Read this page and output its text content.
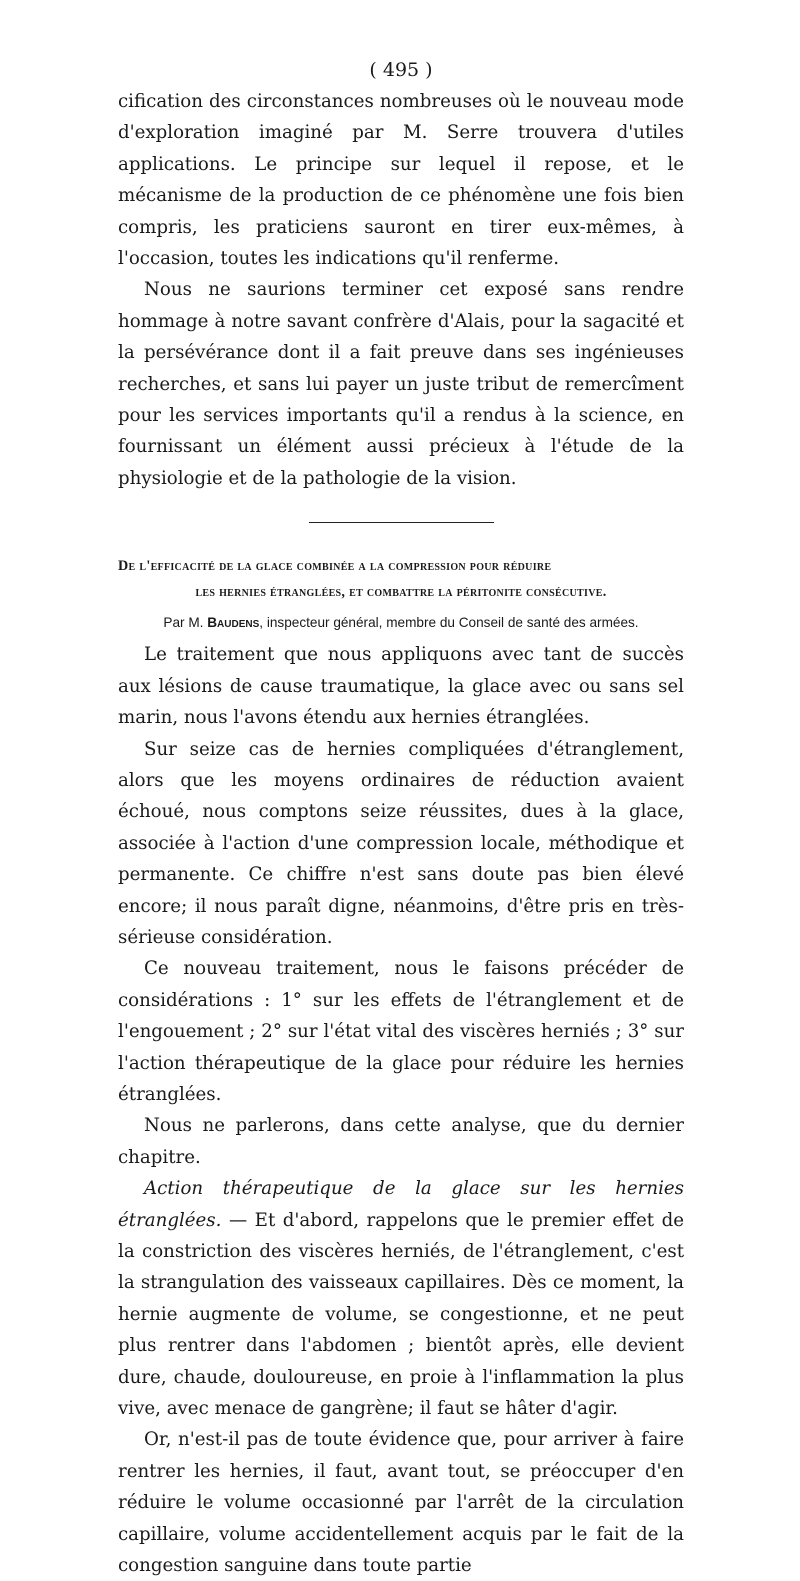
( 495 )

cification des circonstances nombreuses où le nouveau mode d'exploration imaginé par M. Serre trouvera d'utiles applications. Le principe sur lequel il repose, et le mécanisme de la production de ce phénomène une fois bien compris, les praticiens sauront en tirer eux-mêmes, à l'occasion, toutes les indications qu'il renferme.

Nous ne saurions terminer cet exposé sans rendre hommage à notre savant confrère d'Alais, pour la sagacité et la persévérance dont il a fait preuve dans ses ingénieuses recherches, et sans lui payer un juste tribut de remercîment pour les services importants qu'il a rendus à la science, en fournissant un élément aussi précieux à l'étude de la physiologie et de la pathologie de la vision.

De l'efficacité de la glace combinée a la compression pour réduire
les hernies étranglées, et combattre la péritonite consécutive.
Par M. Baudens, inspecteur général, membre du Conseil de santé des armées.

Le traitement que nous appliquons avec tant de succès aux lésions de cause traumatique, la glace avec ou sans sel marin, nous l'avons étendu aux hernies étranglées.

Sur seize cas de hernies compliquées d'étranglement, alors que les moyens ordinaires de réduction avaient échoué, nous comptons seize réussites, dues à la glace, associée à l'action d'une compression locale, méthodique et permanente. Ce chiffre n'est sans doute pas bien élevé encore; il nous paraît digne, néanmoins, d'être pris en très-sérieuse considération.

Ce nouveau traitement, nous le faisons précéder de considérations : 1° sur les effets de l'étranglement et de l'engouement ; 2° sur l'état vital des viscères herniés ; 3° sur l'action thérapeutique de la glace pour réduire les hernies étranglées.

Nous ne parlerons, dans cette analyse, que du dernier chapitre.

Action thérapeutique de la glace sur les hernies étranglées. — Et d'abord, rappelons que le premier effet de la constriction des viscères herniés, de l'étranglement, c'est la strangulation des vaisseaux capillaires. Dès ce moment, la hernie augmente de volume, se congestionne, et ne peut plus rentrer dans l'abdomen ; bientôt après, elle devient dure, chaude, douloureuse, en proie à l'inflammation la plus vive, avec menace de gangrène; il faut se hâter d'agir.

Or, n'est-il pas de toute évidence que, pour arriver à faire rentrer les hernies, il faut, avant tout, se préoccuper d'en réduire le volume occasionné par l'arrêt de la circulation capillaire, volume accidentellement acquis par le fait de la congestion sanguine dans toute partie
